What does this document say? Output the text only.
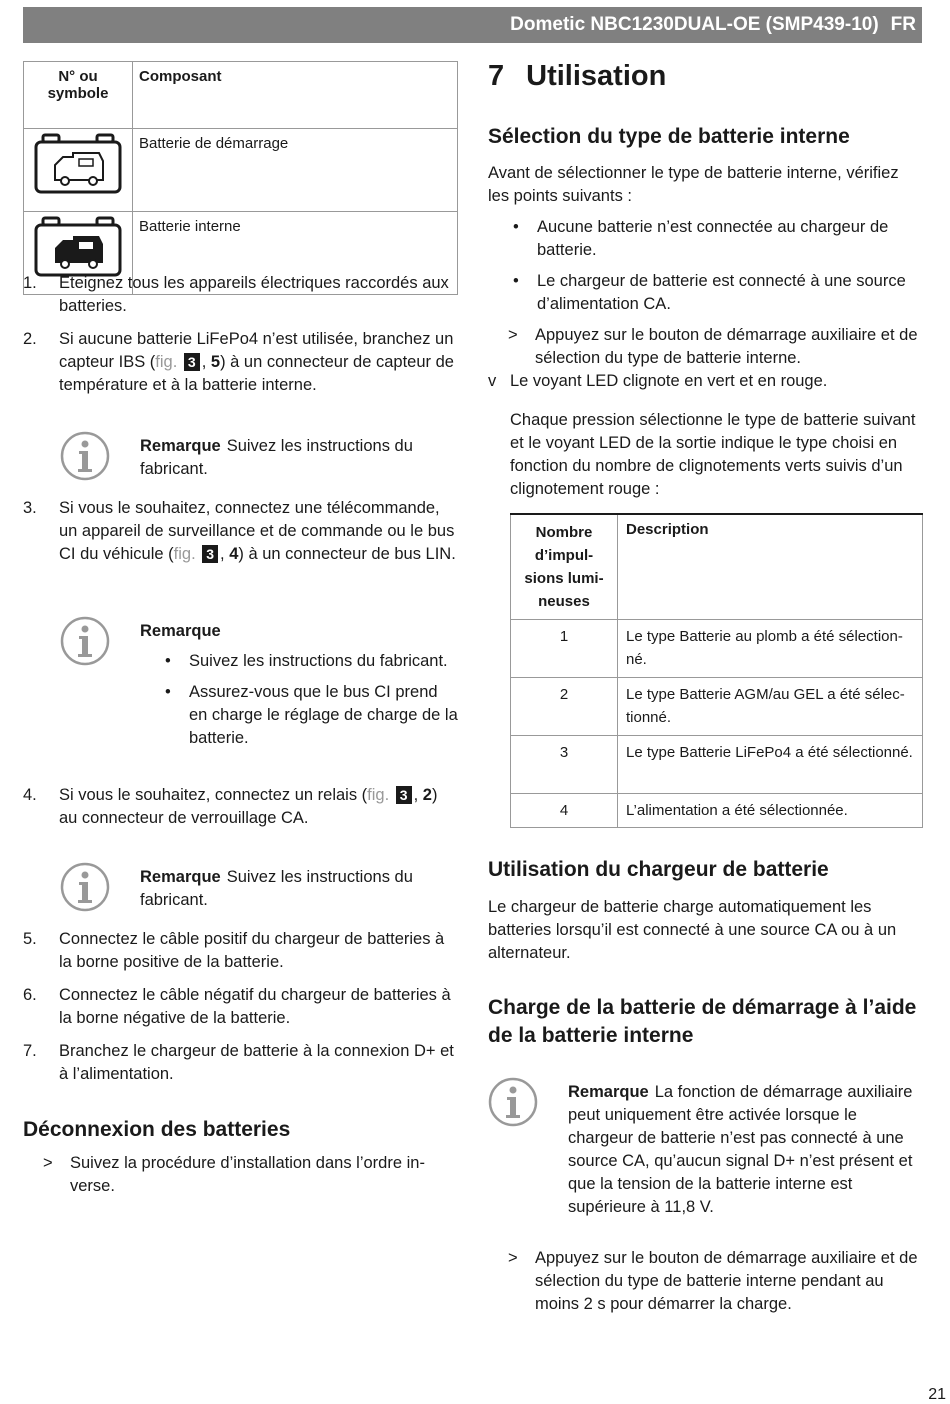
Dometic NBC1230DUAL-OE (SMP439-10) FR
N° ou symbole	Composant
	Batterie de démarrage
	Batterie interne
1.	Éteignez tous les appareils électriques raccordés aux batteries.
2.	Si aucune batterie LiFePo4 n’est utilisée, branchez un capteur IBS (fig. 3 , 5) à un connecteur de capteur de température et à la batterie interne.
Remarque Suivez les instructions du fabricant.
3.	Si vous le souhaitez, connectez une télécommande, un appareil de surveillance et de commande ou le bus CI du véhicule (fig. 3 , 4) à un connecteur de bus LIN.
Remarque
• Suivez les instructions du fabricant.
• Assurez-vous que le bus CI prend en charge le réglage de charge de la batterie.
4.	Si vous le souhaitez, connectez un relais (fig. 3 , 2) au connecteur de verrouillage CA.
Remarque Suivez les instructions du fabricant.
5.	Connectez le câble positif du chargeur de batteries à la borne positive de la batterie.
6.	Connectez le câble négatif du chargeur de batteries à la borne négative de la batterie.
7.	Branchez le chargeur de batterie à la connexion D+ et à l’alimentation.
Déconnexion des batteries
>	Suivez la procédure d’installation dans l’ordre inverse.
7 Utilisation
Sélection du type de batterie interne

Avant de sélectionner le type de batterie interne, vérifiez les points suivants :

• Aucune batterie n’est connectée au chargeur de batterie.
• Le chargeur de batterie est connecté à une source d’alimentation CA.
>	Appuyez sur le bouton de démarrage auxiliaire et de sélection du type de batterie interne.
v Le voyant LED clignote en vert et en rouge.

Chaque pression sélectionne le type de batterie suivant et le voyant LED de la sortie indique le type choisi en fonction du nombre de clignotements verts suivis d’un clignotement rouge :

Nombre d’impulsions lumineuses	Description
1	Le type Batterie au plomb a été sélectionné.
2	Le type Batterie AGM/au GEL a été sélectionné.
3	Le type Batterie LiFePo4 a été sélectionné.
4	L’alimentation a été sélectionnée.
Utilisation du chargeur de batterie

Le chargeur de batterie charge automatiquement les batteries lorsqu’il est connecté à une source CA ou à un alternateur.

Charge de la batterie de démarrage à l’aide de la batterie interne
Remarque La fonction de démarrage auxiliaire peut uniquement être activée lorsque le chargeur de batterie n’est pas connecté à une source CA, qu’aucun signal D+ n’est présent et que la tension de la batterie interne est supérieure à 11,8 V.
>	Appuyez sur le bouton de démarrage auxiliaire et de sélection du type de batterie interne pendant au moins 2 s pour démarrer la charge.
21
